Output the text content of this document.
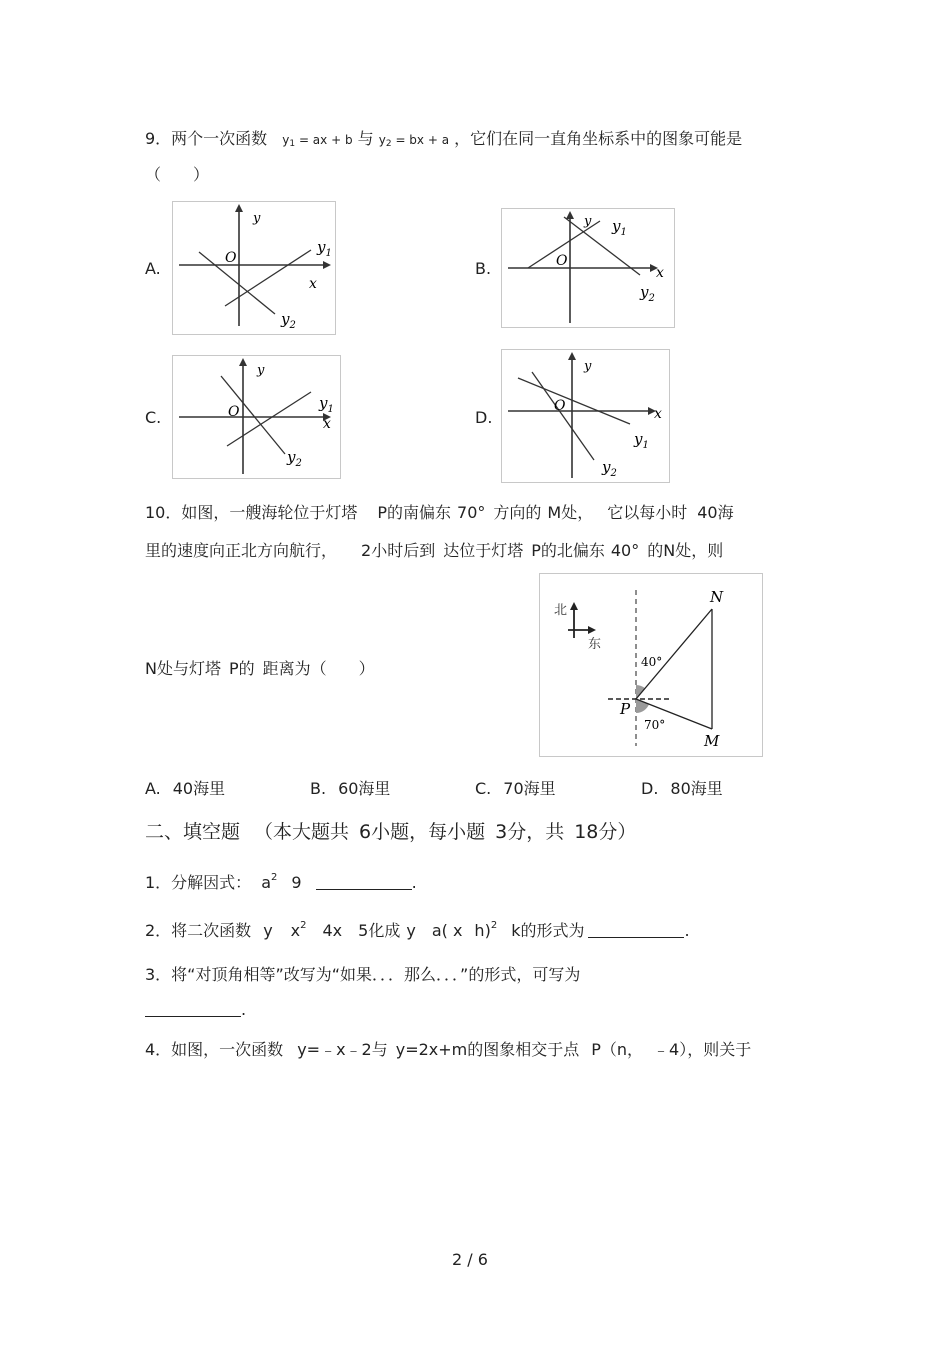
9．两个一次函数 $y_1$ = ax + b 与 $y_2$ = bx + a ，它们在同一直角坐标系中的图象可能是
（　　）
A.	B.
C.	D.
y
O
x
$y_1$
$y_2$
y
O
x
$y_1$
$y_2$
y
O
x
$y_1$
$y_2$
y
O	x
$y_1$
$y_2$
10．如图，一艘海轮位于灯塔 P的南偏东 70° 方向的 M处， 它以每小时 40海
里的速度向正北方向航行， 2小时后到 达位于灯塔 P的北偏东 40° 的N处，则
N处与灯塔 P的 距离为（　　）
北
东
N
P
M
40°
70°
A. 40海里	B. 60海里	C. 70海里	D. 80海里
二、填空题 （本大题共 6小题，每小题 3分，共 18分）
1．分解因式： $a^2$ 9	.
2．将二次函数 y $x^2$ 4x 5化成 y a( x h)$^2$ k的形式为	.
3．将“对顶角相等”改写为“如果．．．那么．．．”的形式，可写为
.
4．如图，一次函数 y=﹣x﹣2与 y=2x+m的图象相交于点 P（n， ﹣4），则关于
2 / 6
